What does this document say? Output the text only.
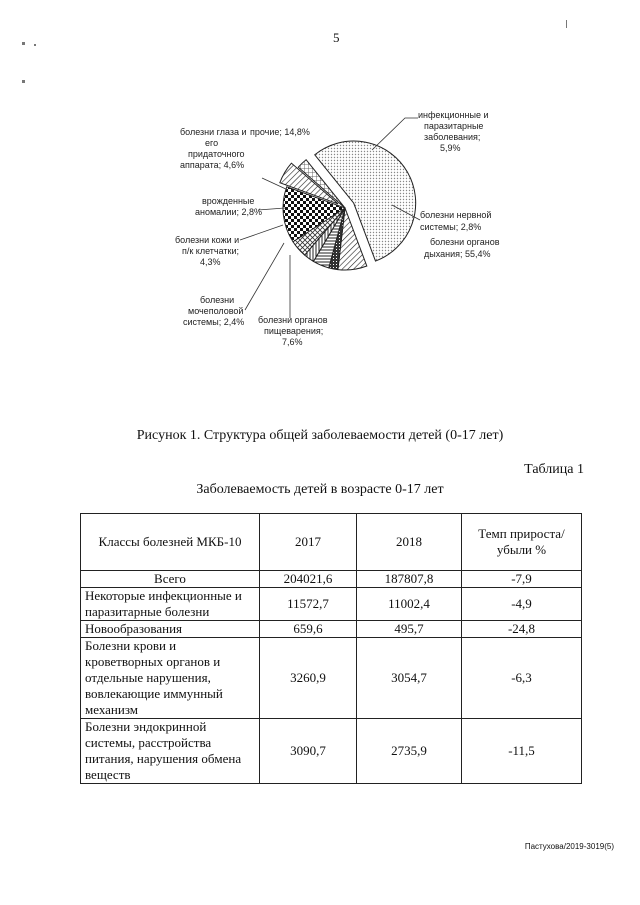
5
инфекционные и паразитарные заболевания; 5,9%
болезни нервной системы; 2,8%
болезни органов дыхания; 55,4%
болезни органов пищеварения; 7,6%
болезни мочеполовой системы; 2,4%
болезни кожи и п/к клетчатки; 4,3%
врожденные аномалии; 2,8%
болезни глаза и его придаточного аппарата; 4,6%
прочие; 14,8%
Рисунок 1. Структура общей заболеваемости детей (0-17 лет)
Таблица 1
Заболеваемость детей в возрасте 0-17 лет
Классы болезней МКБ-10	2017	2018	Темп прироста/убыли %
Всего	204021,6	187807,8	-7,9
Некоторые инфекционные и паразитарные болезни	11572,7	11002,4	-4,9
Новообразования	659,6	495,7	-24,8
Болезни крови и кроветворных органов и отдельные нарушения, вовлекающие иммунный механизм	3260,9	3054,7	-6,3
Болезни эндокринной системы, расстройства питания, нарушения обмена веществ	3090,7	2735,9	-11,5
Пастухова/2019-3019(5)
